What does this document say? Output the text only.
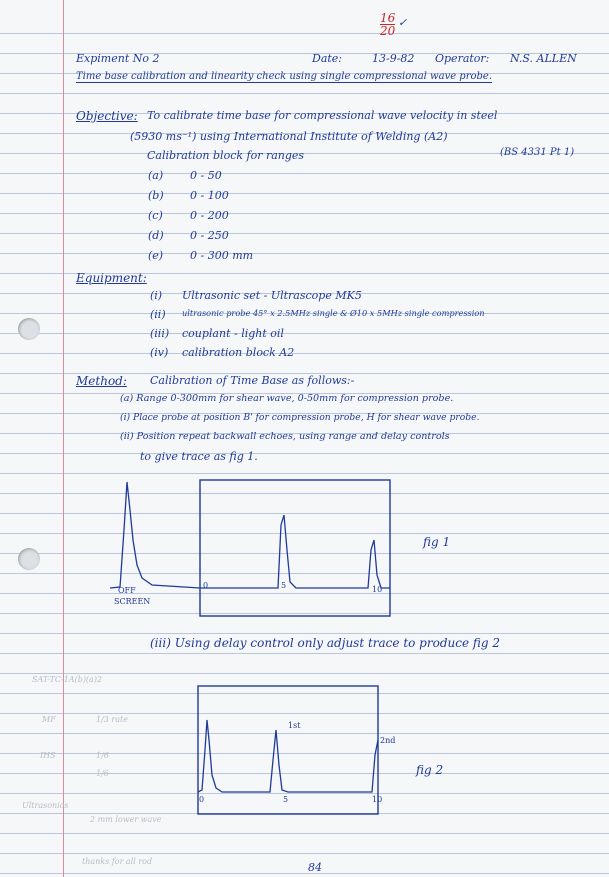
SAT-TC-1A(b)(a)2
MF	1/3 rate
IHS	1/6
1/6
Ultrasonics
2 mm lower wave
thanks for all rod
16
20
✓
Expiment No 2	Date:	13-9-82 Operator: N.S. ALLEN
Time base calibration and linearity check using single compressional wave probe.
Objective: To calibrate time base for compressional wave velocity in steel
(5930 ms⁻¹) using International Institute of Welding (A2)
Calibration block for ranges	(BS 4331 Pt 1)
(a) 0 - 50
(b) 0 - 100
(c) 0 - 200
(d) 0 - 250
(e) 0 - 300 mm
Equipment:
(i) Ultrasonic set - Ultrascope MK5
(ii) ultrasonic probe 45° x 2.5MHz single & Ø10 x 5MHz single compression
(iii) couplant - light oil
(iv) calibration block A2
Method: Calibration of Time Base as follows:-
(a) Range 0-300mm for shear wave, 0-50mm for compression probe.
(i) Place probe at position B' for compression probe, H for shear wave probe.
(ii) Position repeat backwall echoes, using range and delay controls
to give trace as fig 1.
OFF
SCREEN
0	5	10
fig 1
(iii) Using delay control only adjust trace to produce fig 2
0	5	10
1st
2nd
fig 2
84
